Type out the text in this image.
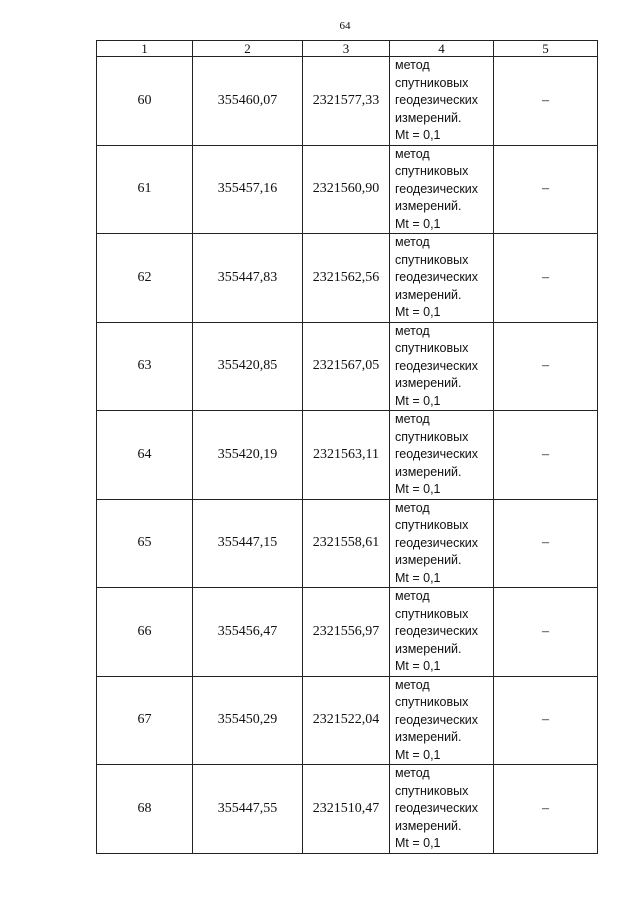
64
1	2	3	4	5
60	355460,07	2321577,33	метод
спутниковых
геодезических
измерений.
Mt = 0,1	–
61	355457,16	2321560,90	метод
спутниковых
геодезических
измерений.
Mt = 0,1	–
62	355447,83	2321562,56	метод
спутниковых
геодезических
измерений.
Mt = 0,1	–
63	355420,85	2321567,05	метод
спутниковых
геодезических
измерений.
Mt = 0,1	–
64	355420,19	2321563,11	метод
спутниковых
геодезических
измерений.
Mt = 0,1	–
65	355447,15	2321558,61	метод
спутниковых
геодезических
измерений.
Mt = 0,1	–
66	355456,47	2321556,97	метод
спутниковых
геодезических
измерений.
Mt = 0,1	–
67	355450,29	2321522,04	метод
спутниковых
геодезических
измерений.
Mt = 0,1	–
68	355447,55	2321510,47	метод
спутниковых
геодезических
измерений.
Mt = 0,1	–
